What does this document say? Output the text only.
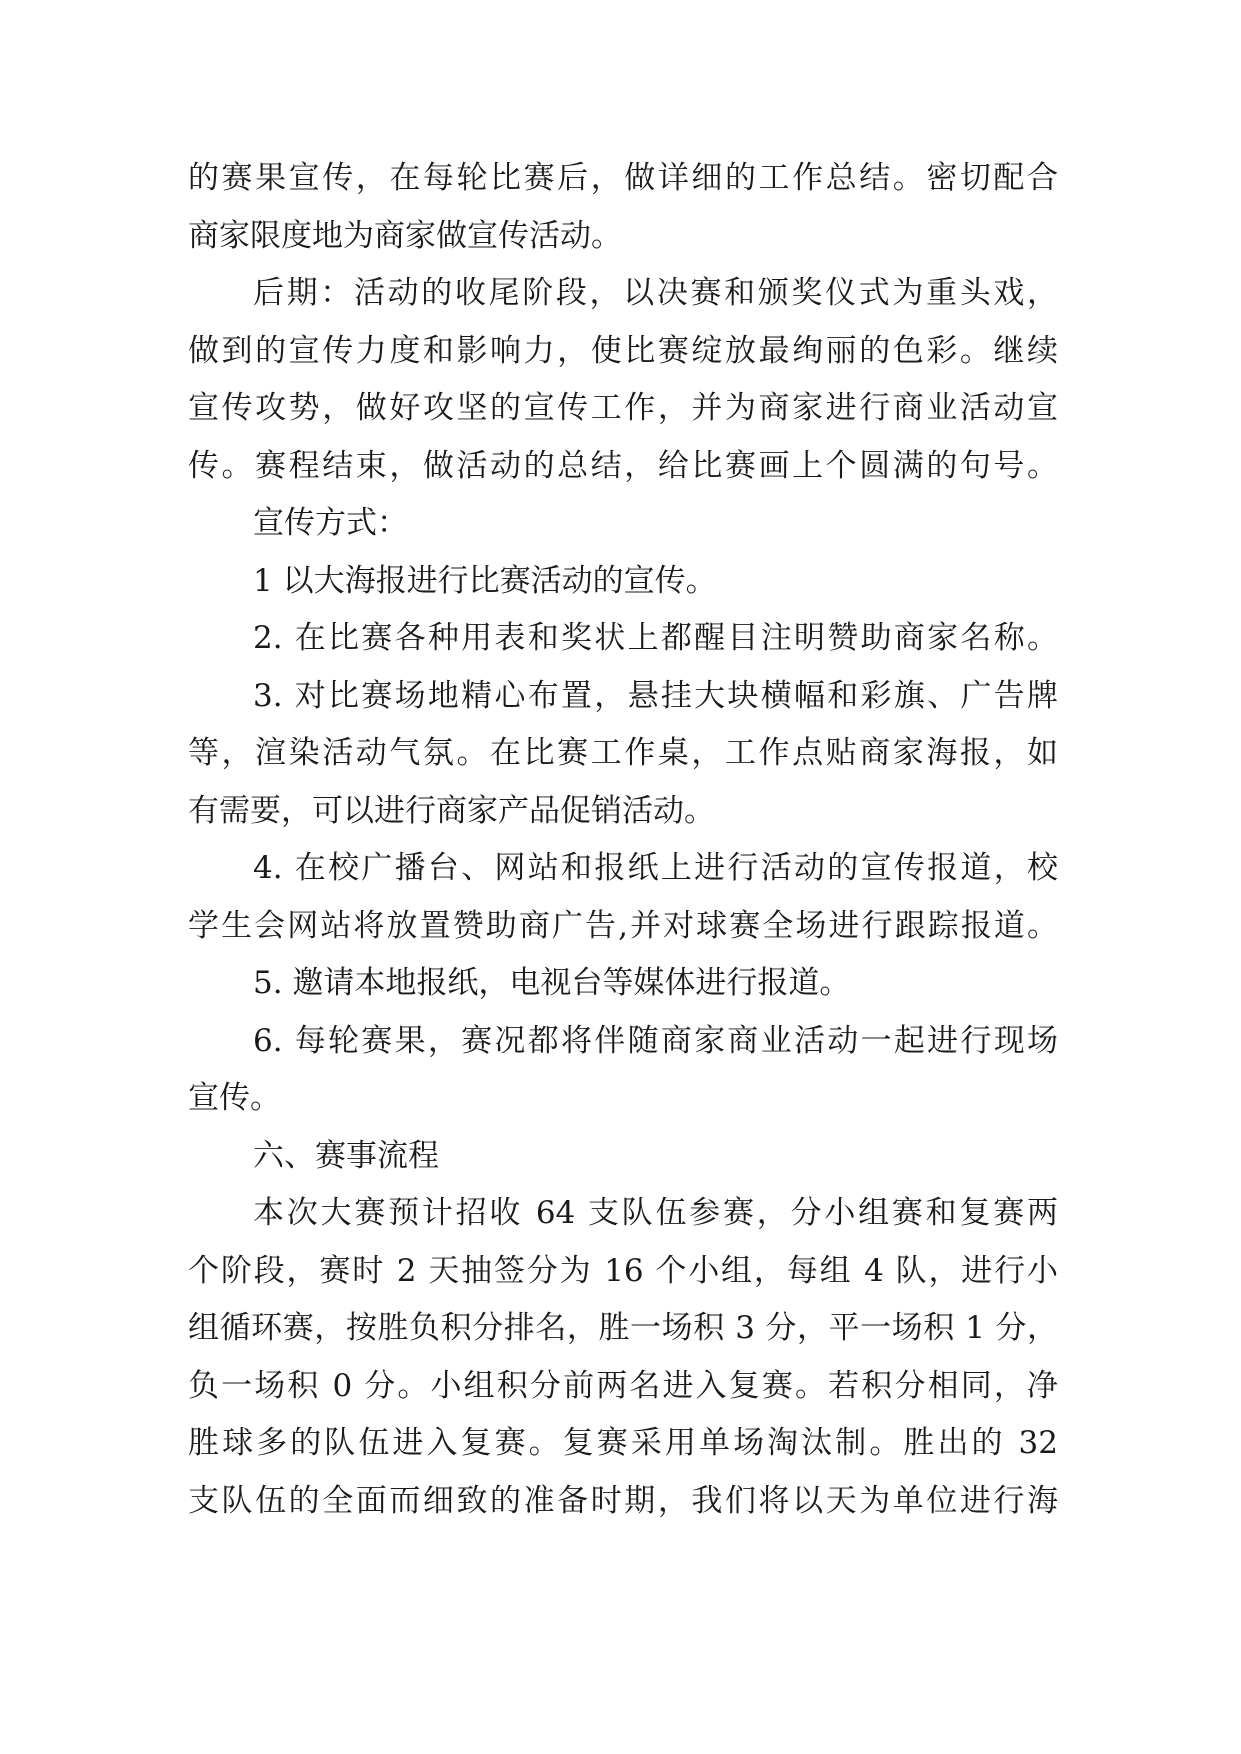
的赛果宣传，在每轮比赛后，做详细的工作总结。密切配合
商家限度地为商家做宣传活动。
后期：活动的收尾阶段，以决赛和颁奖仪式为重头戏，
做到的宣传力度和影响力，使比赛绽放最绚丽的色彩。继续
宣传攻势，做好攻坚的宣传工作，并为商家进行商业活动宣
传。赛程结束，做活动的总结，给比赛画上个圆满的句号。
宣传方式：
1 以大海报进行比赛活动的宣传。
2. 在比赛各种用表和奖状上都醒目注明赞助商家名称。
3. 对比赛场地精心布置，悬挂大块横幅和彩旗、广告牌
等，渲染活动气氛。在比赛工作桌，工作点贴商家海报，如
有需要，可以进行商家产品促销活动。
4. 在校广播台、网站和报纸上进行活动的宣传报道，校
学生会网站将放置赞助商广告,并对球赛全场进行跟踪报道。
5. 邀请本地报纸，电视台等媒体进行报道。
6. 每轮赛果，赛况都将伴随商家商业活动一起进行现场
宣传。
六、赛事流程
本次大赛预计招收 64 支队伍参赛，分小组赛和复赛两
个阶段，赛时 2 天抽签分为 16 个小组，每组 4 队，进行小
组循环赛，按胜负积分排名，胜一场积 3 分，平一场积 1 分，
负一场积 0 分。小组积分前两名进入复赛。若积分相同，净
胜球多的队伍进入复赛。复赛采用单场淘汰制。胜出的 32
支队伍的全面而细致的准备时期，我们将以天为单位进行海
